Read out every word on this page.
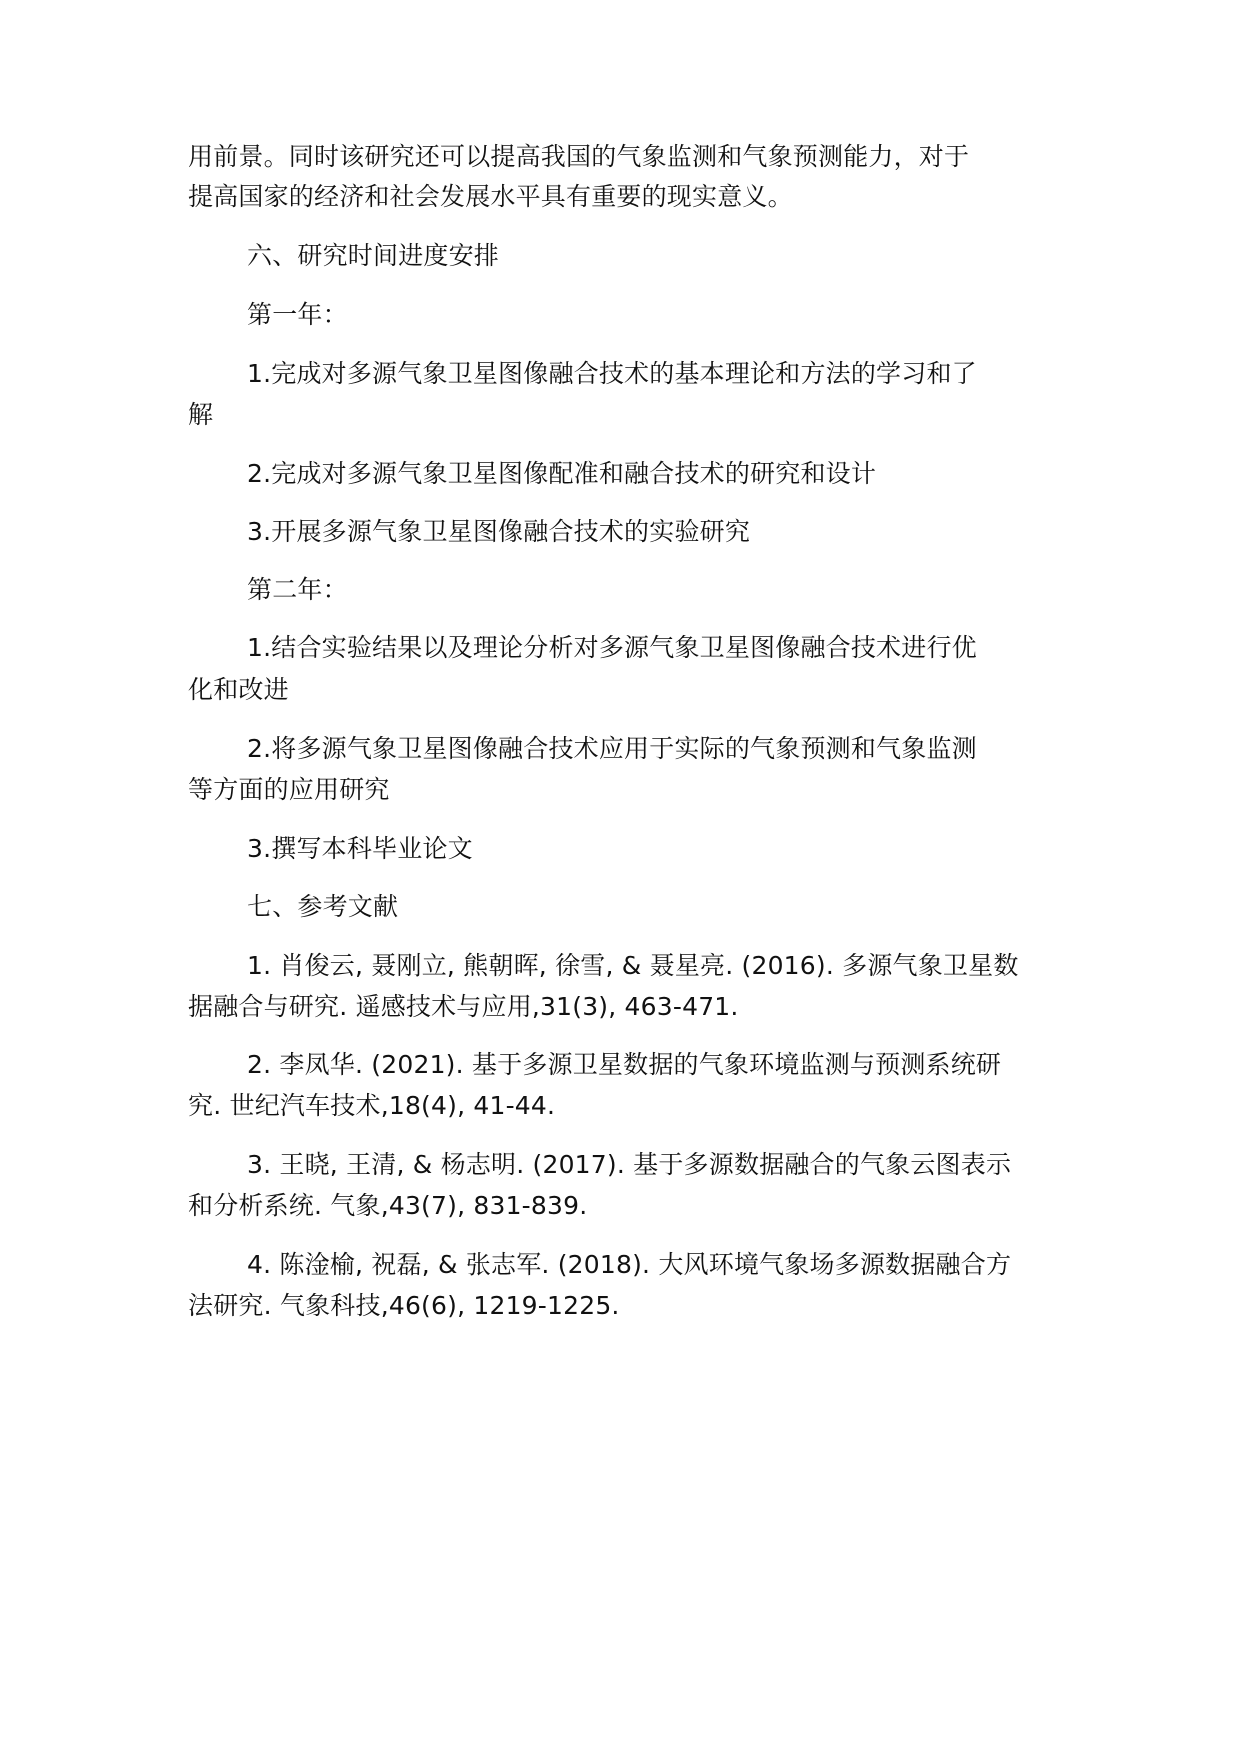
用前景。同时该研究还可以提高我国的气象监测和气象预测能力，对于
提高国家的经济和社会发展水平具有重要的现实意义。
六、研究时间进度安排
第一年：
1.完成对多源气象卫星图像融合技术的基本理论和方法的学习和了
解
2.完成对多源气象卫星图像配准和融合技术的研究和设计
3.开展多源气象卫星图像融合技术的实验研究
第二年：
1.结合实验结果以及理论分析对多源气象卫星图像融合技术进行优
化和改进
2.将多源气象卫星图像融合技术应用于实际的气象预测和气象监测
等方面的应用研究
3.撰写本科毕业论文
七、参考文献
1. 肖俊云, 聂刚立, 熊朝晖, 徐雪, & 聂星亮. (2016). 多源气象卫星数
据融合与研究. 遥感技术与应用,31(3), 463-471.
2. 李凤华. (2021). 基于多源卫星数据的气象环境监测与预测系统研
究. 世纪汽车技术,18(4), 41-44.
3. 王晓, 王清, & 杨志明. (2017). 基于多源数据融合的气象云图表示
和分析系统. 气象,43(7), 831-839.
4. 陈淦榆, 祝磊, & 张志军. (2018). 大风环境气象场多源数据融合方
法研究. 气象科技,46(6), 1219-1225.
